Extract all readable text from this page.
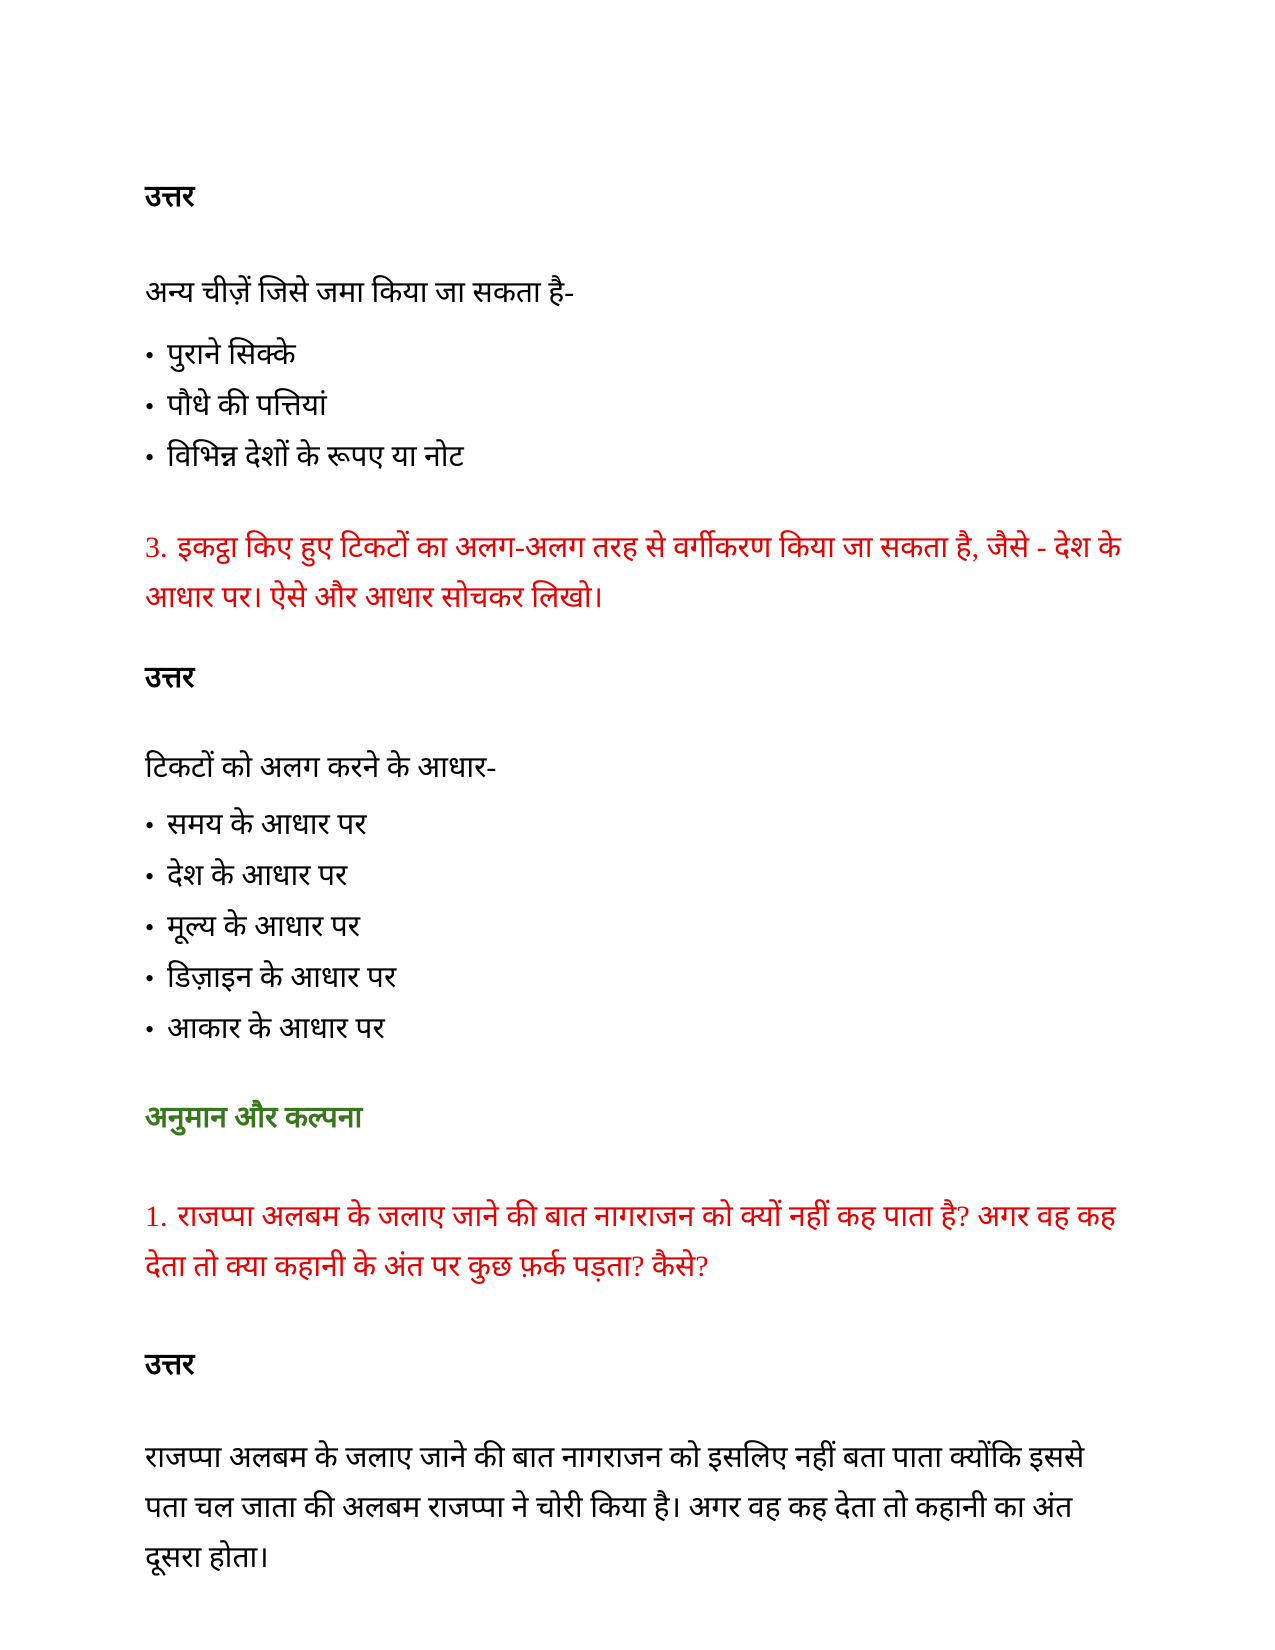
उत्तर

अन्य चीज़ें जिसे जमा किया जा सकता है-

• पुराने सिक्के
• पौधे की पत्तियां
• विभिन्न देशों के रूपए या नोट

3. इकट्ठा किए हुए टिकटों का अलग-अलग तरह से वर्गीकरण किया जा सकता है, जैसे - देश के आधार पर। ऐसे और आधार सोचकर लिखो।

उत्तर

टिकटों को अलग करने के आधार-

• समय के आधार पर
• देश के आधार पर
• मूल्य के आधार पर
• डिज़ाइन के आधार पर
• आकार के आधार पर

अनुमान और कल्पना

1. राजप्पा अलबम के जलाए जाने की बात नागराजन को क्यों नहीं कह पाता है? अगर वह कह देता तो क्या कहानी के अंत पर कुछ फ़र्क पड़ता? कैसे?

उत्तर

राजप्पा अलबम के जलाए जाने की बात नागराजन को इसलिए नहीं बता पाता क्योंकि इससे पता चल जाता की अलबम राजप्पा ने चोरी किया है। अगर वह कह देता तो कहानी का अंत दूसरा होता।
